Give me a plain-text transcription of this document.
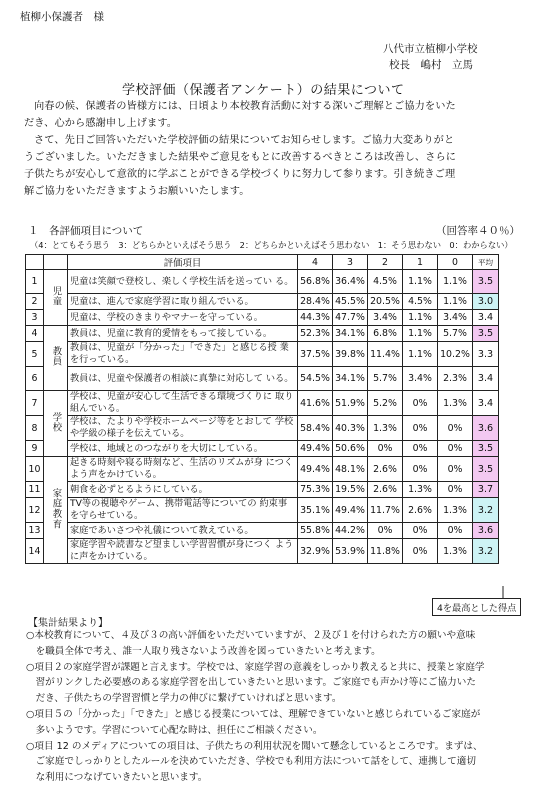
植柳小保護者　様
八代市立植柳小学校
校長　嶋村　立馬
学校評価（保護者アンケート）の結果について
向春の候、保護者の皆様方には、日頃より本校教育活動に対する深いご理解とご協力をいた
だき、心から感謝申し上げます。
さて、先日ご回答いただいた学校評価の結果についてお知らせします。ご協力大変ありがと
うございました。いただきました結果やご意見をもとに改善するべきところは改善し、さらに
子供たちが安心して意欲的に学ぶことができる学校づくりに努力して参ります。引き続きご理
解ご協力をいただきますようお願いいたします。
１　各評価項目について	（回答率４０％）
（4：とてもそう思う　3：どちらかといえばそう思う　2：どちらかといえばそう思わない　1：そう思わない　0：わからない）
		評価項目	4	3	2	1	0	平均
1	児童	児童は笑顔で登校し、楽しく学校生活を送ってい る。	56.8%	36.4%	4.5%	1.1%	1.1%	3.5
2		児童は、進んで家庭学習に取り組んでいる。	28.4%	45.5%	20.5%	4.5%	1.1%	3.0
3		児童は、学校のきまりやマナーを守っている。	44.3%	47.7%	3.4%	1.1%	3.4%	3.4
4	教員	教員は、児童に教育的愛情をもって接している。	52.3%	34.1%	6.8%	1.1%	5.7%	3.5
5		教員は、児童が「分かった」「できた」と感じる授 業を行っている。	37.5%	39.8%	11.4%	1.1%	10.2%	3.3
6		教員は、児童や保護者の相談に真摯に対応して いる。	54.5%	34.1%	5.7%	3.4%	2.3%	3.4
7	学校	学校は、児童が安心して生活できる環境づくりに 取り組んでいる。	41.6%	51.9%	5.2%	0%	1.3%	3.4
8		学校は、たよりや学校ホームページ等をとおして 学校や学級の様子を伝えている。	58.4%	40.3%	1.3%	0%	0%	3.6
9		学校は、地域とのつながりを大切にしている。	49.4%	50.6%	0%	0%	0%	3.5
10	家庭教育	起きる時刻や寝る時刻など、生活のリズムが身 につくよう声をかけている。	49.4%	48.1%	2.6%	0%	0%	3.5
11		朝食を必ずとるようにしている。	75.3%	19.5%	2.6%	1.3%	0%	3.7
12		TV等の視聴やゲーム、携帯電話等についての 約束事を守らせている。	35.1%	49.4%	11.7%	2.6%	1.3%	3.2
13		家庭であいさつや礼儀について教えている。	55.8%	44.2%	0%	0%	0%	3.6
14		家庭学習や読書など望ましい学習習慣が身につく ように声をかけている。	32.9%	53.9%	11.8%	0%	1.3%	3.2
4を最高とした得点
【集計結果より】
○本校教育について、４及び３の高い評価をいただいていますが、２及び１を付けられた方の願いや意味
　を職員全体で考え、誰一人取り残さないよう改善を図っていきたいと考えます。
○項目２の家庭学習が課題と言えます。学校では、家庭学習の意義をしっかり教えると共に、授業と家庭学
　習がリンクした必要感のある家庭学習を出していきたいと思います。ご家庭でも声かけ等にご協力いた
　だき、子供たちの学習習慣と学力の伸びに繋げていければと思います。
○項目５の「分かった」「できた」と感じる授業については、理解できていないと感じられているご家庭が
　多いようです。学習について心配な時は、担任にご相談ください。
○項目 12 のメディアについての項目は、子供たちの利用状況を聞いて懸念しているところです。まずは、
　ご家庭でしっかりとしたルールを決めていただき、学校でも利用方法について話をして、連携して適切
　な利用につなげていきたいと思います。
